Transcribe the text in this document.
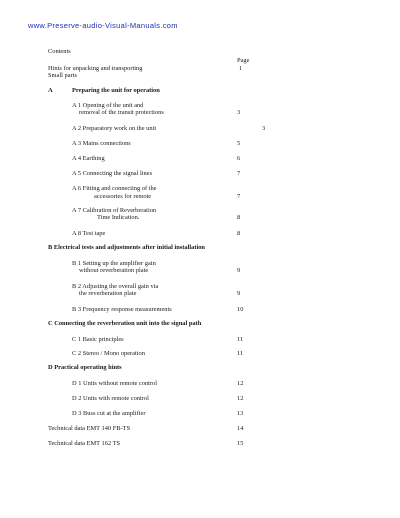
www.Preserve-audio-Visual-Manuals.com
Contents
Page
Hints for unpacking and transporting	1
Small parts
A	Preparing the unit for operation
A 1 Opening of the unit and
removal of the transit protections	3
A 2 Preparatory work on the unit	3
A 3 Mains connections	5
A 4 Earthing	6
A 5 Connecting the signal lines	7
A 6 Fitting and connecting of the
accessories for remote	7
A 7 Calibration of Reverberation
Time Indication.	8
A 8 Test tape	8
B Electrical tests and adjustments after initial installation
B 1 Setting up the amplifier gain
without reverberation plate	9
B 2 Adjusting the overall gain via
the reverberation plate	9
B 3 Frequency response measurements	10
C Connecting the reverberation unit into the signal path
C 1 Basic principles	11
C 2 Stereo / Mono operation	11
D Practical operating hints
D 1 Units without remote control	12
D 2 Units with remote control	12
D 3 Buss cut at the amplifier	13
Technical data EMT 140 FB-TS	14
Technical data EMT 162 TS	15
